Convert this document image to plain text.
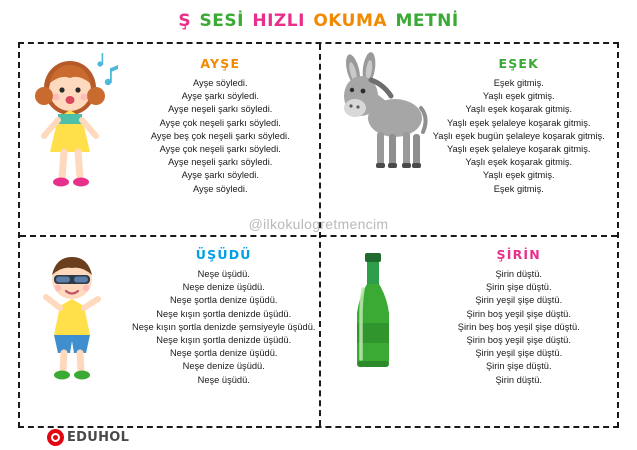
Ş SESİ HIZLI OKUMA METNİ
AYŞE
Ayşe söyledi.
Ayşe şarkı söyledi.
Ayşe neşeli şarkı söyledi.
Ayşe çok neşeli şarkı söyledi.
Ayşe beş çok neşeli şarkı söyledi.
Ayşe çok neşeli şarkı söyledi.
Ayşe neşeli şarkı söyledi.
Ayşe şarkı söyledi.
Ayşe söyledi.
EŞEK
Eşek gitmiş.
Yaşlı eşek gitmiş.
Yaşlı eşek koşarak gitmiş.
Yaşlı eşek şelaleye koşarak gitmiş.
Yaşlı eşek bugün şelaleye koşarak gitmiş.
Yaşlı eşek şelaleye koşarak gitmiş.
Yaşlı eşek koşarak gitmiş.
Yaşlı eşek gitmiş.
Eşek gitmiş.
ÜŞÜDÜ
Neşe üşüdü.
Neşe denize üşüdü.
Neşe şortla denize üşüdü.
Neşe kışın şortla denizde üşüdü.
Neşe kışın şortla denizde şemsiyeyle üşüdü.
Neşe kışın şortla denizde üşüdü.
Neşe şortla denize üşüdü.
Neşe denize üşüdü.
Neşe üşüdü.
ŞİRİN
Şirin düştü.
Şirin şişe düştü.
Şirin yeşil şişe düştü.
Şirin boş yeşil şişe düştü.
Şirin beş boş yeşil şişe düştü.
Şirin boş yeşil şişe düştü.
Şirin yeşil şişe düştü.
Şirin şişe düştü.
Şirin düştü.
EDUHOL
@ilkokulogretmencim
